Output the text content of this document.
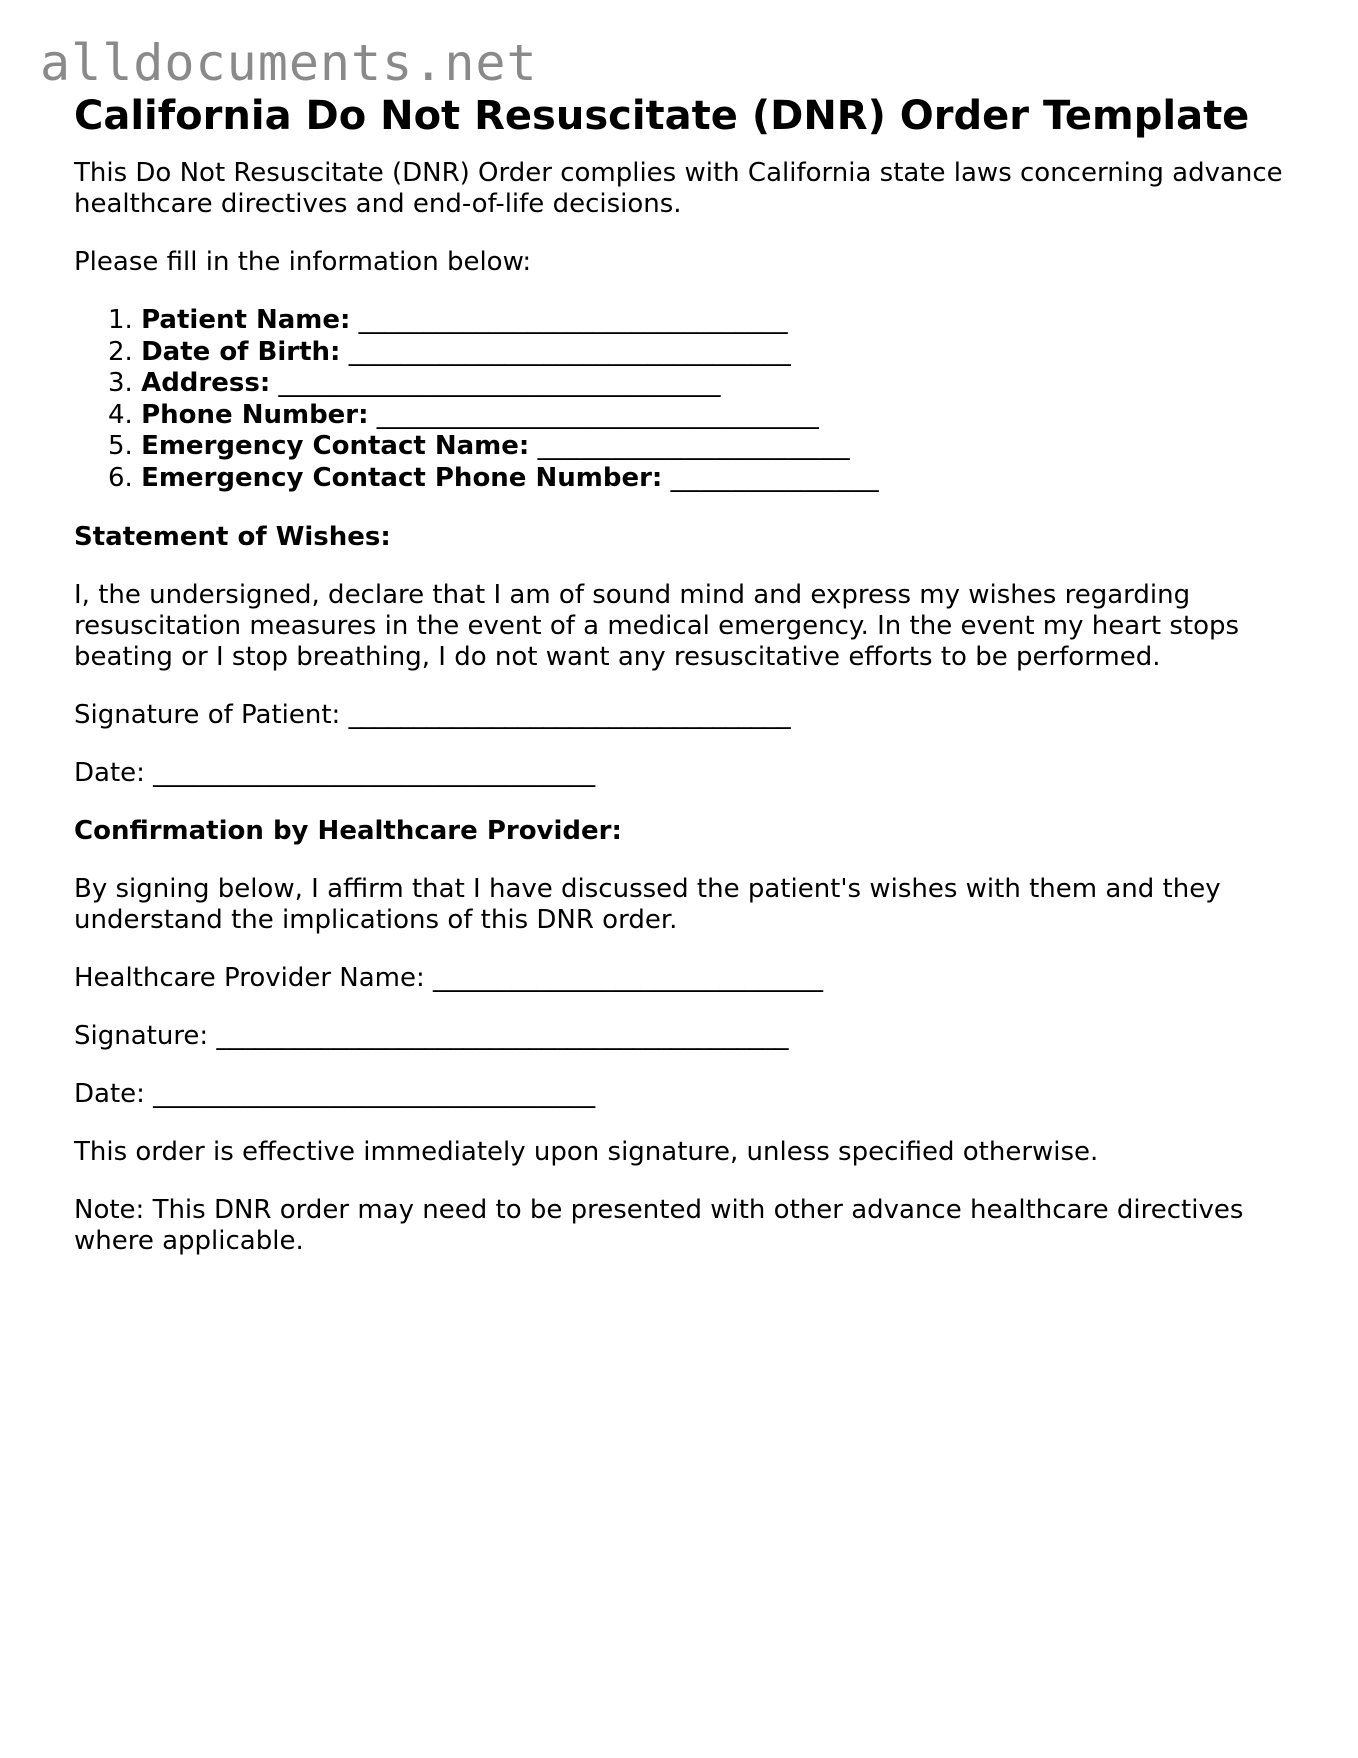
alldocuments.net
California Do Not Resuscitate (DNR) Order Template

This Do Not Resuscitate (DNR) Order complies with California state laws concerning advance healthcare directives and end-of-life decisions.

Please fill in the information below:

1. Patient Name: _________________________________
2. Date of Birth: __________________________________
3. Address: __________________________________
4. Phone Number: __________________________________
5. Emergency Contact Name: ________________________
6. Emergency Contact Phone Number: ________________
Statement of Wishes:

I, the undersigned, declare that I am of sound mind and express my wishes regarding resuscitation measures in the event of a medical emergency. In the event my heart stops beating or I stop breathing, I do not want any resuscitative efforts to be performed.

Signature of Patient: __________________________________

Date: __________________________________

Confirmation by Healthcare Provider:

By signing below, I affirm that I have discussed the patient's wishes with them and they understand the implications of this DNR order.

Healthcare Provider Name: ______________________________

Signature: ____________________________________________

Date: __________________________________

This order is effective immediately upon signature, unless specified otherwise.

Note: This DNR order may need to be presented with other advance healthcare directives where applicable.
